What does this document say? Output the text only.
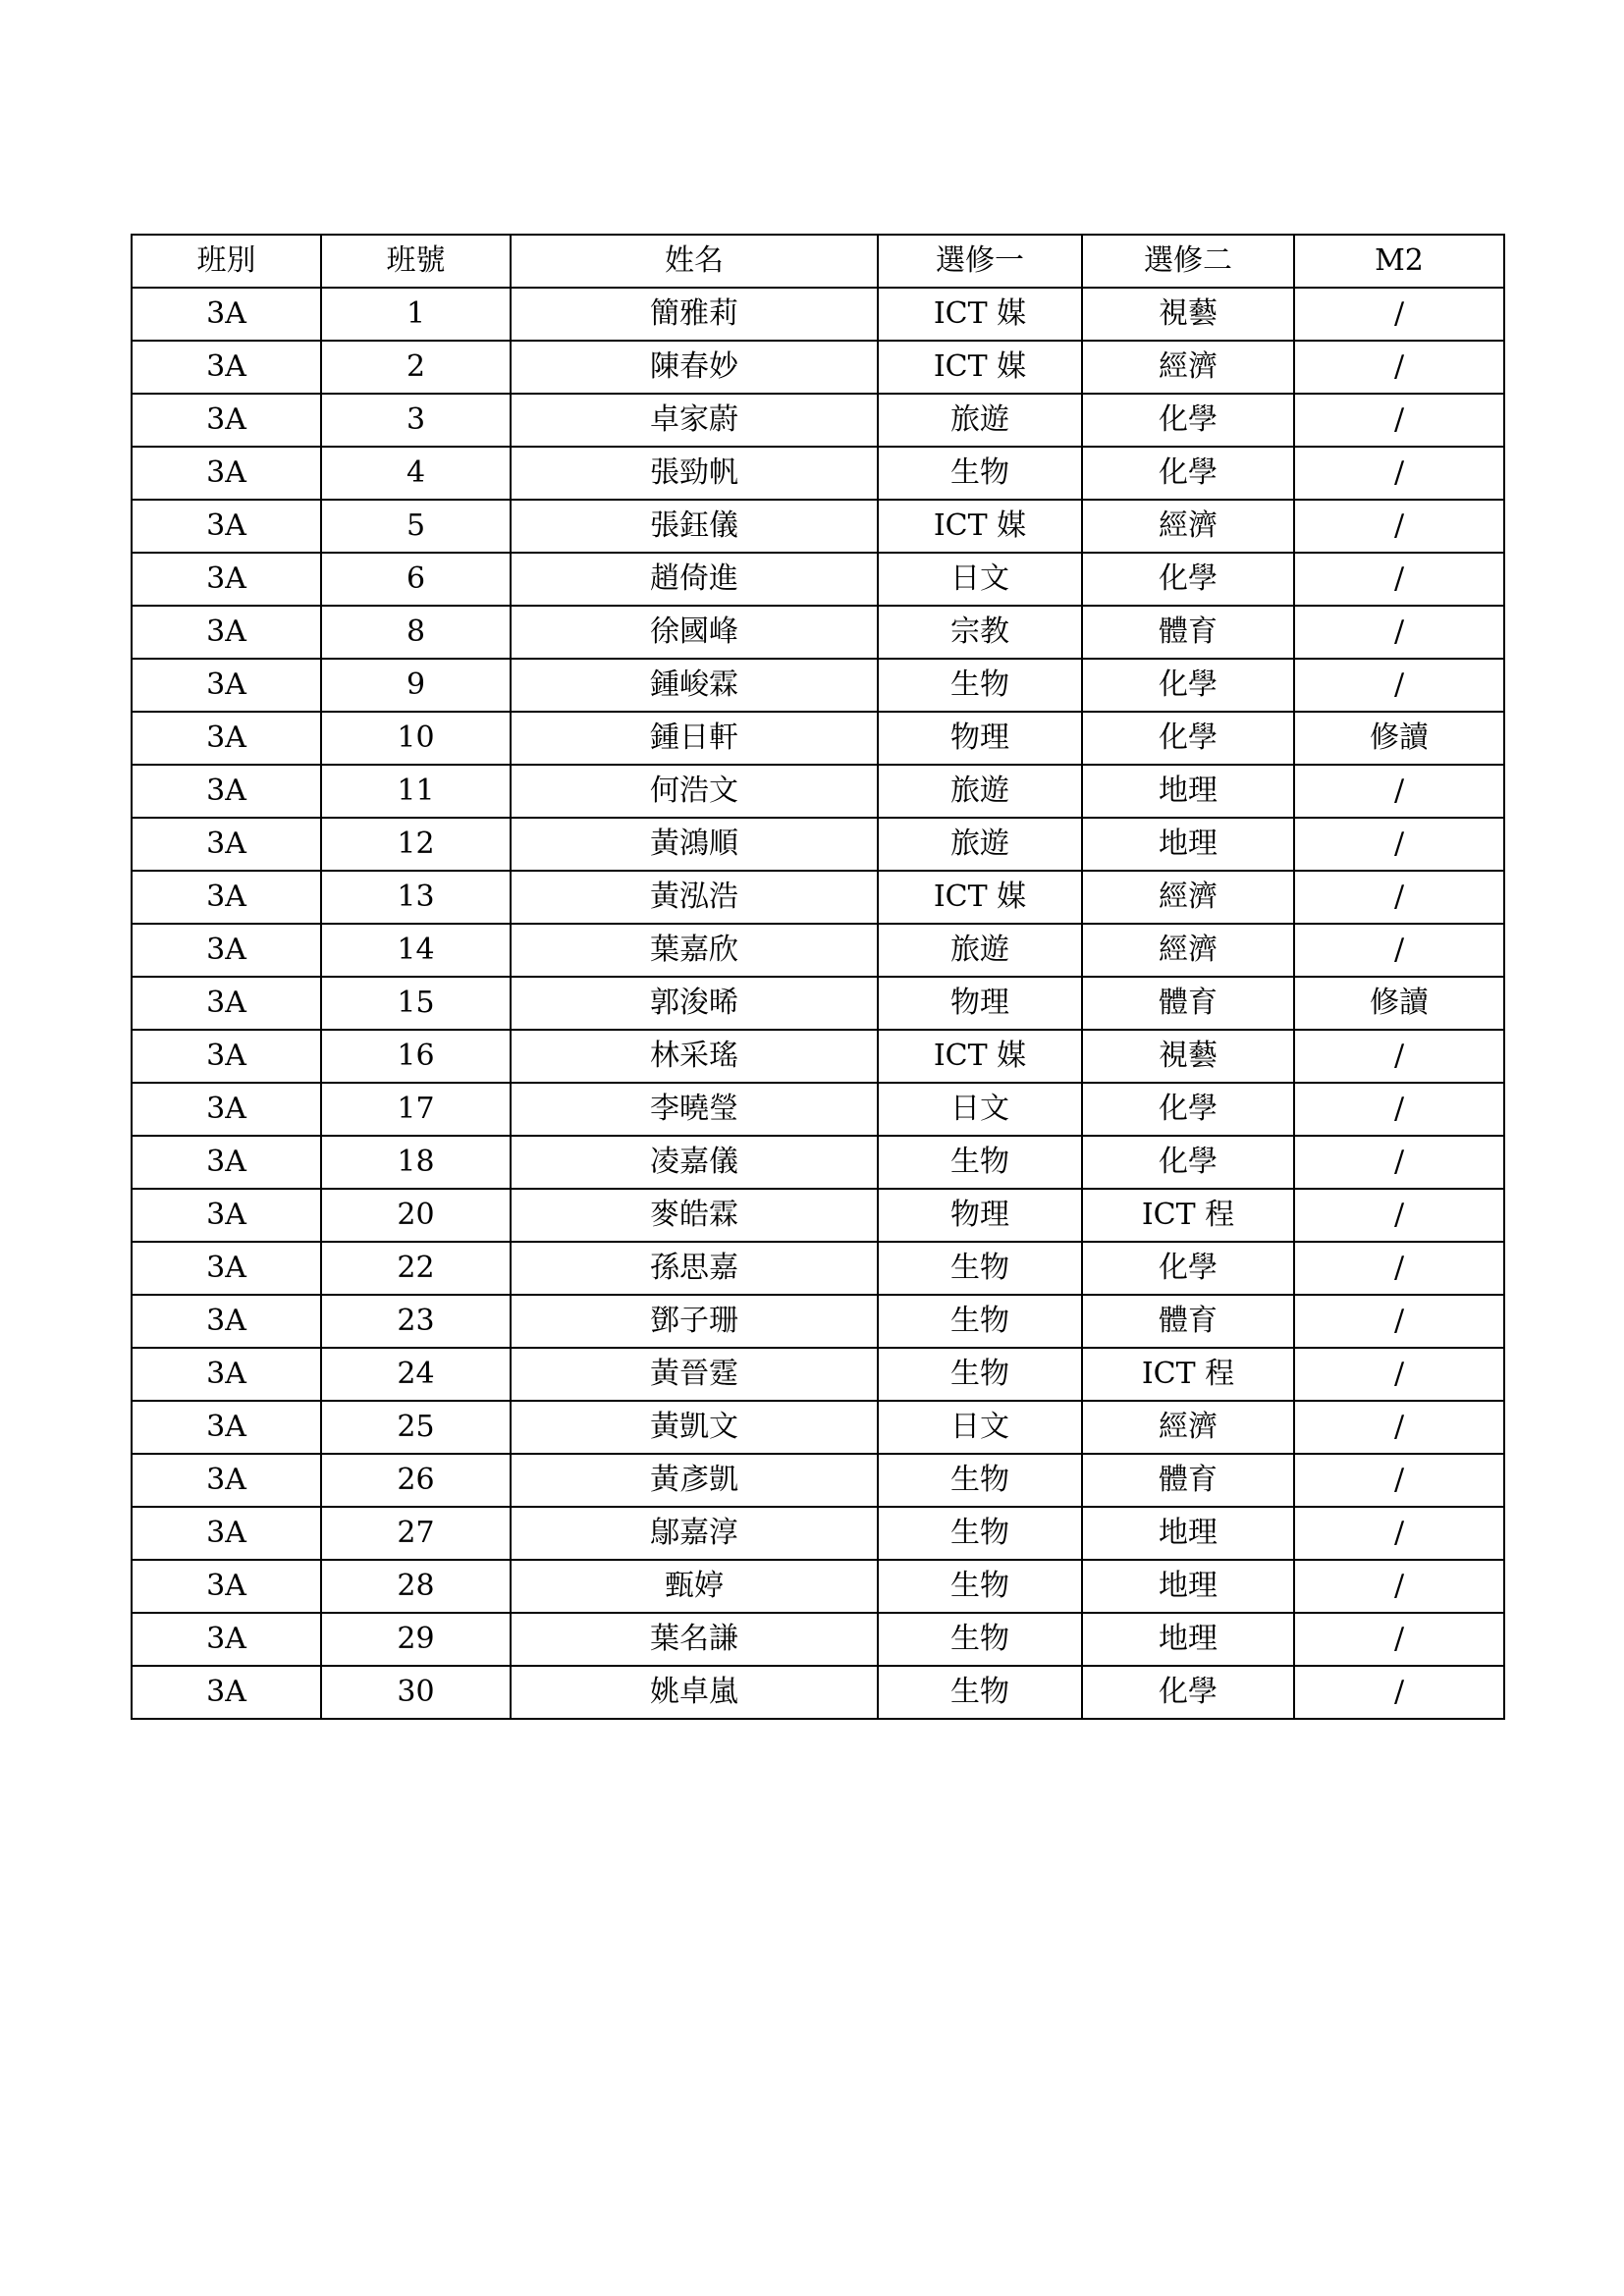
班別	班號	姓名	選修一	選修二	M2
3A	1	簡雅莉	ICT 媒	視藝	/
3A	2	陳春妙	ICT 媒	經濟	/
3A	3	卓家蔚	旅遊	化學	/
3A	4	張勁帆	生物	化學	/
3A	5	張鈺儀	ICT 媒	經濟	/
3A	6	趙倚進	日文	化學	/
3A	8	徐國峰	宗教	體育	/
3A	9	鍾峻霖	生物	化學	/
3A	10	鍾日軒	物理	化學	修讀
3A	11	何浩文	旅遊	地理	/
3A	12	黃鴻順	旅遊	地理	/
3A	13	黃泓浩	ICT 媒	經濟	/
3A	14	葉嘉欣	旅遊	經濟	/
3A	15	郭浚晞	物理	體育	修讀
3A	16	林采瑤	ICT 媒	視藝	/
3A	17	李曉瑩	日文	化學	/
3A	18	凌嘉儀	生物	化學	/
3A	20	麥皓霖	物理	ICT 程	/
3A	22	孫思嘉	生物	化學	/
3A	23	鄧子珊	生物	體育	/
3A	24	黃晉霆	生物	ICT 程	/
3A	25	黃凱文	日文	經濟	/
3A	26	黃彥凱	生物	體育	/
3A	27	鄔嘉淳	生物	地理	/
3A	28	甄婷	生物	地理	/
3A	29	葉名謙	生物	地理	/
3A	30	姚卓嵐	生物	化學	/
